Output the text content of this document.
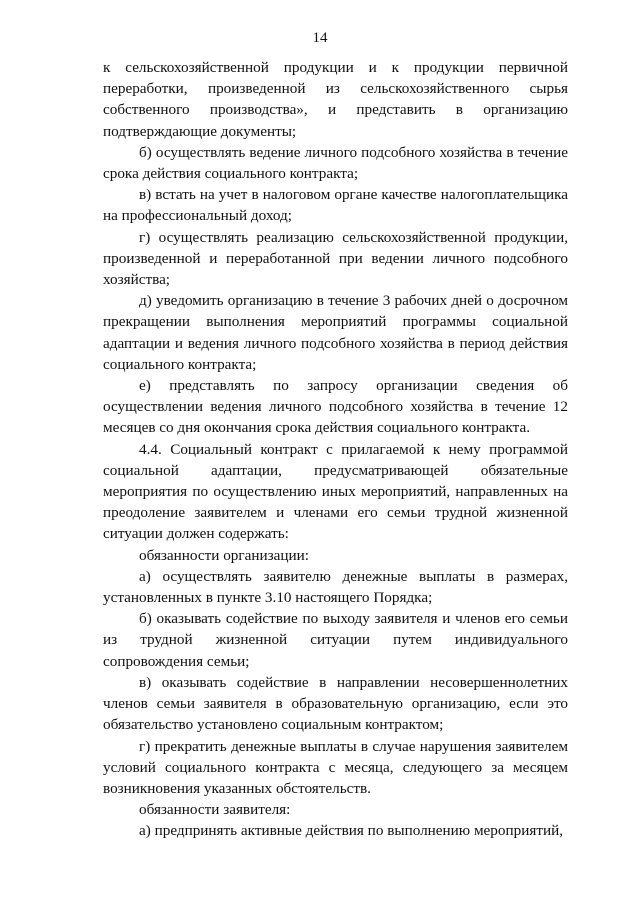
14

к сельскохозяйственной продукции и к продукции первичной переработки, произведенной из сельскохозяйственного сырья собственного производства», и представить в организацию подтверждающие документы;

б) осуществлять ведение личного подсобного хозяйства в течение срока действия социального контракта;

в) встать на учет в налоговом органе качестве налогоплательщика на профессиональный доход;

г) осуществлять реализацию сельскохозяйственной продукции, произведенной и переработанной при ведении личного подсобного хозяйства;

д) уведомить организацию в течение 3 рабочих дней о досрочном прекращении выполнения мероприятий программы социальной адаптации и ведения личного подсобного хозяйства в период действия социального контракта;

е) представлять по запросу организации сведения об осуществлении ведения личного подсобного хозяйства в течение 12 месяцев со дня окончания срока действия социального контракта.

4.4. Социальный контракт с прилагаемой к нему программой социальной адаптации, предусматривающей обязательные мероприятия по осуществлению иных мероприятий, направленных на преодоление заявителем и членами его семьи трудной жизненной ситуации должен содержать:

обязанности организации:

а) осуществлять заявителю денежные выплаты в размерах, установленных в пункте 3.10 настоящего Порядка;

б) оказывать содействие по выходу заявителя и членов его семьи из трудной жизненной ситуации путем индивидуального сопровождения семьи;

в) оказывать содействие в направлении несовершеннолетних членов семьи заявителя в образовательную организацию, если это обязательство установлено социальным контрактом;

г) прекратить денежные выплаты в случае нарушения заявителем условий социального контракта с месяца, следующего за месяцем возникновения указанных обстоятельств.

обязанности заявителя:

а) предпринять активные действия по выполнению мероприятий,
